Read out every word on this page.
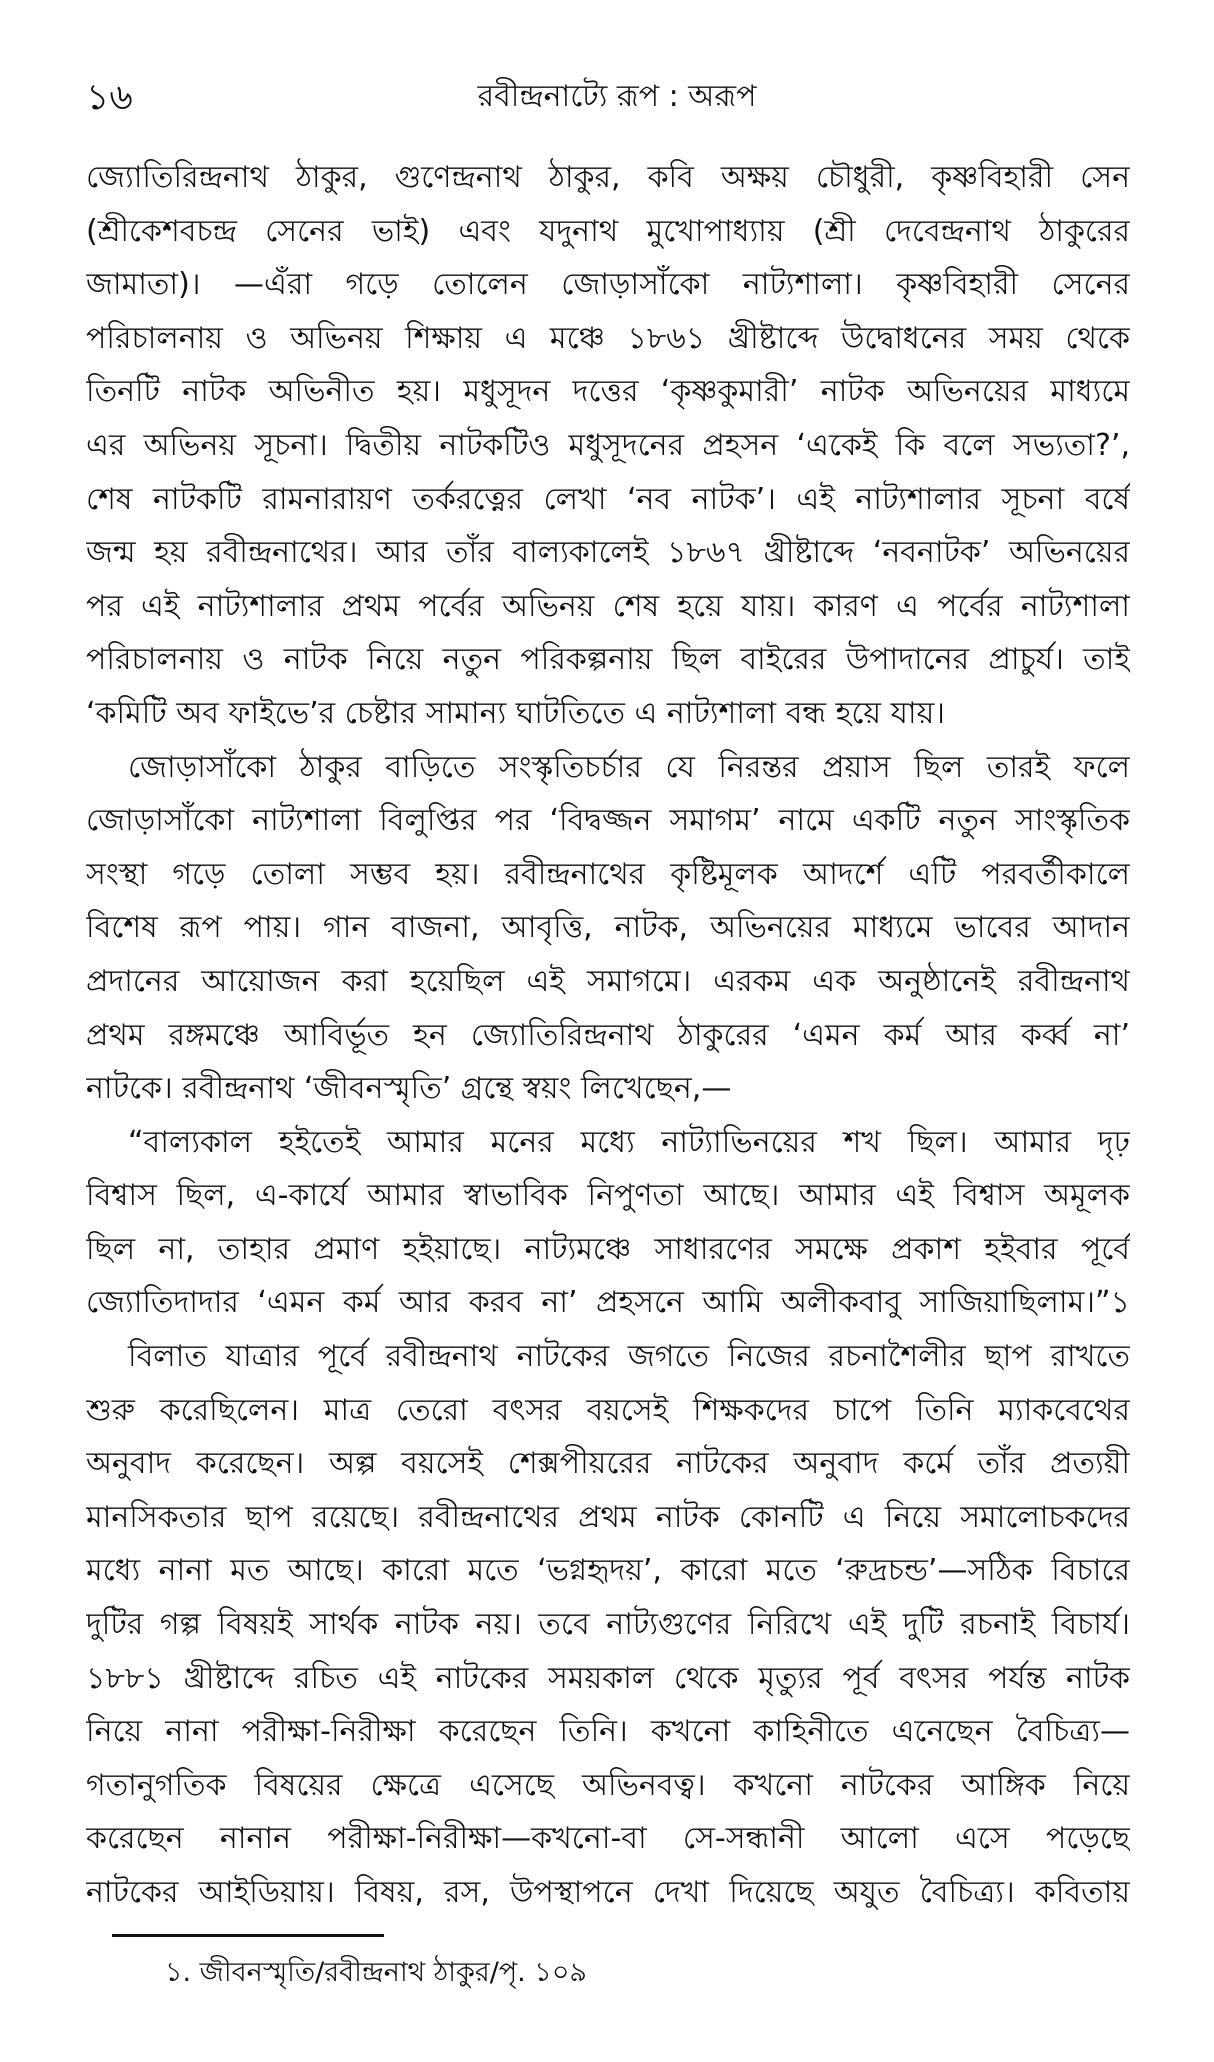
১৬	রবীন্দ্রনাট্যে রূপ : অরূপ
জ্যোতিরিন্দ্রনাথ ঠাকুর, গুণেন্দ্রনাথ ঠাকুর, কবি অক্ষয় চৌধুরী, কৃষ্ণবিহারী সেন
(শ্রীকেশবচন্দ্র সেনের ভাই) এবং যদুনাথ মুখোপাধ্যায় (শ্রী দেবেন্দ্রনাথ ঠাকুরের
জামাতা)। —এঁরা গড়ে তোলেন জোড়াসাঁকো নাট্যশালা। কৃষ্ণবিহারী সেনের
পরিচালনায় ও অভিনয় শিক্ষায় এ মঞ্চে ১৮৬১ খ্রীষ্টাব্দে উদ্বোধনের সময় থেকে
তিনটি নাটক অভিনীত হয়। মধুসূদন দত্তের ‘কৃষ্ণকুমারী’ নাটক অভিনয়ের মাধ্যমে
এর অভিনয় সূচনা। দ্বিতীয় নাটকটিও মধুসূদনের প্রহসন ‘একেই কি বলে সভ্যতা?’,
শেষ নাটকটি রামনারায়ণ তর্করত্নের লেখা ‘নব নাটক’। এই নাট্যশালার সূচনা বর্ষে
জন্ম হয় রবীন্দ্রনাথের। আর তাঁর বাল্যকালেই ১৮৬৭ খ্রীষ্টাব্দে ‘নবনাটক’ অভিনয়ের
পর এই নাট্যশালার প্রথম পর্বের অভিনয় শেষ হয়ে যায়। কারণ এ পর্বের নাট্যশালা
পরিচালনায় ও নাটক নিয়ে নতুন পরিকল্পনায় ছিল বাইরের উপাদানের প্রাচুর্য। তাই
‘কমিটি অব ফাইভে’র চেষ্টার সামান্য ঘাটতিতে এ নাট্যশালা বন্ধ হয়ে যায়।
জোড়াসাঁকো ঠাকুর বাড়িতে সংস্কৃতিচর্চার যে নিরন্তর প্রয়াস ছিল তারই ফলে
জোড়াসাঁকো নাট্যশালা বিলুপ্তির পর ‘বিদ্বজ্জন সমাগম’ নামে একটি নতুন সাংস্কৃতিক
সংস্থা গড়ে তোলা সম্ভব হয়। রবীন্দ্রনাথের কৃষ্টিমূলক আদর্শে এটি পরবর্তীকালে
বিশেষ রূপ পায়। গান বাজনা, আবৃত্তি, নাটক, অভিনয়ের মাধ্যমে ভাবের আদান
প্রদানের আয়োজন করা হয়েছিল এই সমাগমে। এরকম এক অনুষ্ঠানেই রবীন্দ্রনাথ
প্রথম রঙ্গমঞ্চে আবির্ভূত হন জ্যোতিরিন্দ্রনাথ ঠাকুরের ‘এমন কর্ম আর কর্ব্ব না’
নাটকে। রবীন্দ্রনাথ ‘জীবনস্মৃতি’ গ্রন্থে স্বয়ং লিখেছেন,—
“বাল্যকাল হইতেই আমার মনের মধ্যে নাট্যাভিনয়ের শখ ছিল। আমার দৃঢ়
বিশ্বাস ছিল, এ-কার্যে আমার স্বাভাবিক নিপুণতা আছে। আমার এই বিশ্বাস অমূলক
ছিল না, তাহার প্রমাণ হইয়াছে। নাট্যমঞ্চে সাধারণের সমক্ষে প্রকাশ হইবার পূর্বে
জ্যোতিদাদার ‘এমন কর্ম আর করব না’ প্রহসনে আমি অলীকবাবু সাজিয়াছিলাম।”১
বিলাত যাত্রার পূর্বে রবীন্দ্রনাথ নাটকের জগতে নিজের রচনাশৈলীর ছাপ রাখতে
শুরু করেছিলেন। মাত্র তেরো বৎসর বয়সেই শিক্ষকদের চাপে তিনি ম্যাকবেথের
অনুবাদ করেছেন। অল্প বয়সেই শেক্সপীয়রের নাটকের অনুবাদ কর্মে তাঁর প্রত্যয়ী
মানসিকতার ছাপ রয়েছে। রবীন্দ্রনাথের প্রথম নাটক কোনটি এ নিয়ে সমালোচকদের
মধ্যে নানা মত আছে। কারো মতে ‘ভগ্নহৃদয়’, কারো মতে ‘রুদ্রচন্ড’—সঠিক বিচারে
দুটির গল্প বিষয়ই সার্থক নাটক নয়। তবে নাট্যগুণের নিরিখে এই দুটি রচনাই বিচার্য।
১৮৮১ খ্রীষ্টাব্দে রচিত এই নাটকের সময়কাল থেকে মৃত্যুর পূর্ব বৎসর পর্যন্ত নাটক
নিয়ে নানা পরীক্ষা-নিরীক্ষা করেছেন তিনি। কখনো কাহিনীতে এনেছেন বৈচিত্র্য—
গতানুগতিক বিষয়ের ক্ষেত্রে এসেছে অভিনবত্ব। কখনো নাটকের আঙ্গিক নিয়ে
করেছেন নানান পরীক্ষা-নিরীক্ষা—কখনো-বা সে-সন্ধানী আলো এসে পড়েছে
নাটকের আইডিয়ায়। বিষয়, রস, উপস্থাপনে দেখা দিয়েছে অযুত বৈচিত্র্য। কবিতায়
১. জীবনস্মৃতি/রবীন্দ্রনাথ ঠাকুর/পৃ. ১০৯
